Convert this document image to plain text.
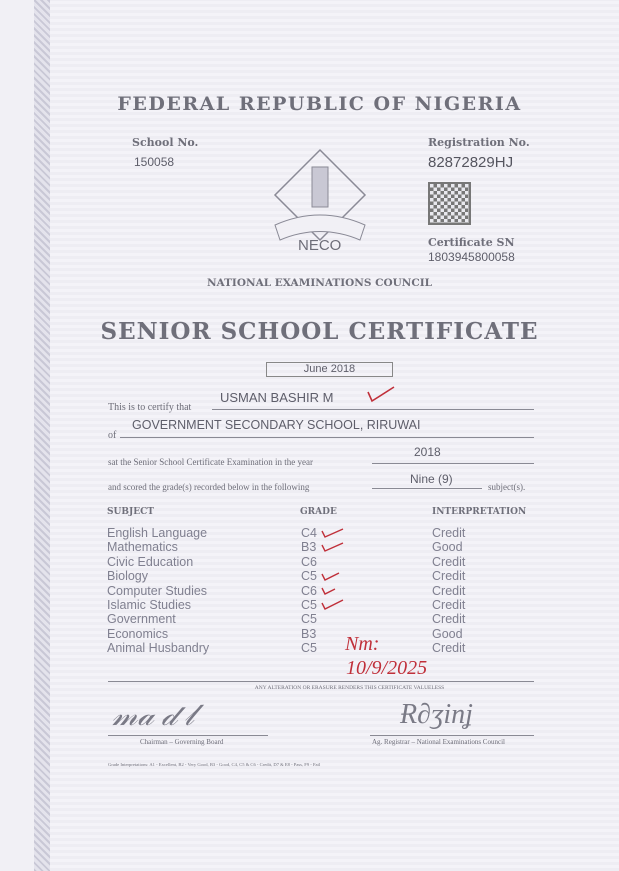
FEDERAL REPUBLIC OF NIGERIA
School No.
150058
Registration No.
82872829HJ
Certificate SN
1803945800058
NECO
NATIONAL EXAMINATIONS COUNCIL
SENIOR SCHOOL CERTIFICATE
June 2018
This is to certify that
USMAN BASHIR M
of
GOVERNMENT SECONDARY SCHOOL, RIRUWAI
sat the Senior School Certificate Examination in the year
2018
and scored the grade(s) recorded below in the following
Nine (9)
subject(s).
SUBJECT	GRADE	INTERPRETATION
English Language
Mathematics
Civic Education
Biology
Computer Studies
Islamic Studies
Government
Economics
Animal Husbandry
C4
B3
C6
C5
C6
C5
C5
B3
C5
Credit
Good
Credit
Credit
Credit
Credit
Credit
Good
Credit
Nm:
10/9/2025
ANY ALTERATION OR ERASURE RENDERS THIS CERTIFICATE VALUELESS
𝓂𝒶 𝒹 𝓁
Chairman – Governing Board
Ɍ∂ʒinʝ
Ag. Registrar – National Examinations Council
Grade Interpretations: A1 - Excellent, B2 - Very Good, B3 - Good, C4, C5 & C6 - Credit, D7 & E8 - Pass, F9 - Fail
